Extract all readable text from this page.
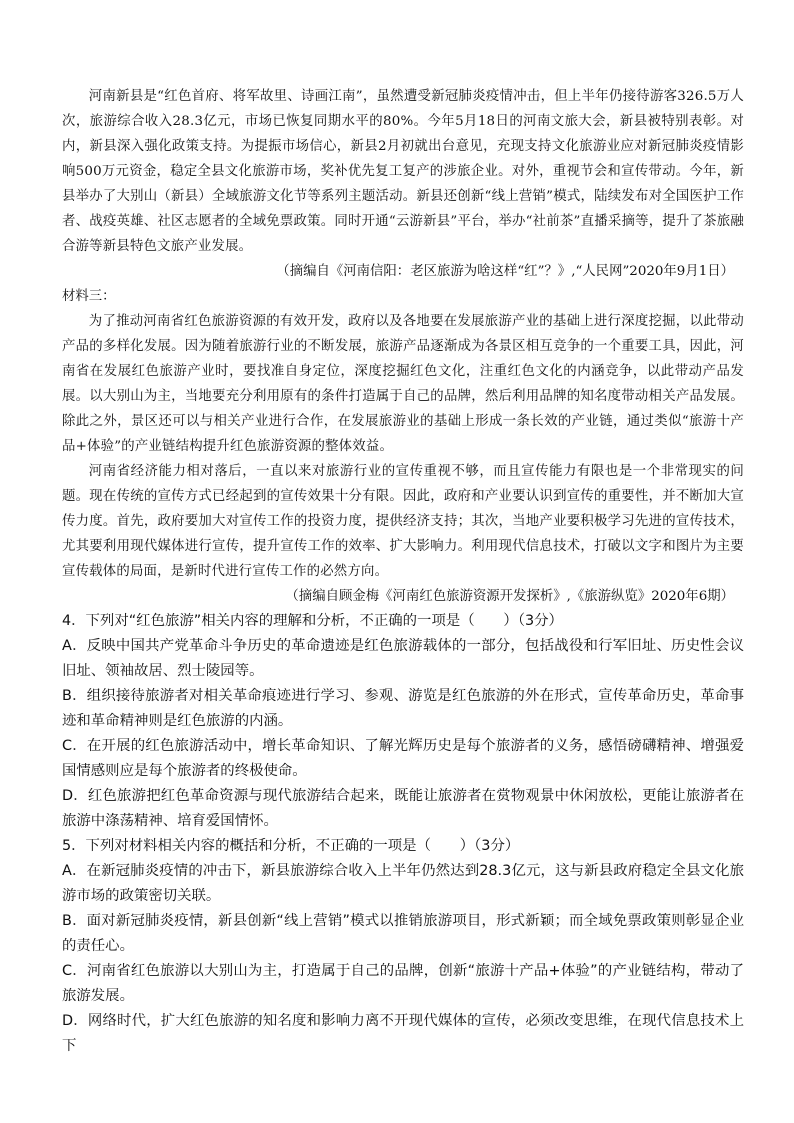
河南新县是“红色首府、将军故里、诗画江南”，虽然遭受新冠肺炎疫情冲击，但上半年仍接待游客326.5万人次，旅游综合收入28.3亿元，市场已恢复同期水平的80%。今年5月18日的河南文旅大会，新县被特别表彰。对内，新县深入强化政策支持。为提振市场信心，新县2月初就出台意见，充现支持文化旅游业应对新冠肺炎疫情影响500万元资金，稳定全县文化旅游市场，奖补优先复工复产的涉旅企业。对外，重视节会和宣传带动。今年，新县举办了大别山（新县）全域旅游文化节等系列主题活动。新县还创新“线上营销”模式，陆续发布对全国医护工作者、战疫英雄、社区志愿者的全域免票政策。同时开通“云游新县”平台，举办“社前茶”直播采摘等，提升了茶旅融合游等新县特色文旅产业发展。

（摘编自《河南信阳：老区旅游为啥这样“红”？》,“人民网”2020年9月1日）

材料三：

为了推动河南省红色旅游资源的有效开发，政府以及各地要在发展旅游产业的基础上进行深度挖掘，以此带动产品的多样化发展。因为随着旅游行业的不断发展，旅游产品逐渐成为各景区相互竞争的一个重要工具，因此，河南省在发展红色旅游产业时，要找准自身定位，深度挖掘红色文化，注重红色文化的内涵竞争，以此带动产品发展。以大别山为主，当地要充分利用原有的条件打造属于自己的品牌，然后利用品牌的知名度带动相关产品发展。除此之外，景区还可以与相关产业进行合作，在发展旅游业的基础上形成一条长效的产业链，通过类似“旅游十产品+体验”的产业链结构提升红色旅游资源的整体效益。

河南省经济能力相对落后，一直以来对旅游行业的宣传重视不够，而且宣传能力有限也是一个非常现实的问题。现在传统的宣传方式已经起到的宣传效果十分有限。因此，政府和产业要认识到宣传的重要性，并不断加大宣传力度。首先，政府要加大对宣传工作的投资力度，提供经济支持；其次，当地产业要积极学习先进的宣传技术，尤其要利用现代媒体进行宣传，提升宣传工作的效率、扩大影响力。利用现代信息技术，打破以文字和图片为主要宣传载体的局面，是新时代进行宣传工作的必然方向。

（摘编自顾金梅《河南红色旅游资源开发探析》,《旅游纵览》2020年6期）

4．下列对“红色旅游”相关内容的理解和分析，不正确的一项是（　　）（3分）

A．反映中国共产党革命斗争历史的革命遗迹是红色旅游载体的一部分，包括战役和行军旧址、历史性会议旧址、领袖故居、烈士陵园等。

B．组织接待旅游者对相关革命痕迹进行学习、参观、游览是红色旅游的外在形式，宣传革命历史，革命事迹和革命精神则是红色旅游的内涵。

C．在开展的红色旅游活动中，增长革命知识、了解光辉历史是每个旅游者的义务，感悟磅礴精神、增强爱国情感则应是每个旅游者的终极使命。

D．红色旅游把红色革命资源与现代旅游结合起来，既能让旅游者在赏物观景中休闲放松，更能让旅游者在旅游中涤荡精神、培育爱国情怀。

5．下列对材料相关内容的概括和分析，不正确的一项是（　　）（3分）

A．在新冠肺炎疫情的冲击下，新县旅游综合收入上半年仍然达到28.3亿元，这与新县政府稳定全县文化旅游市场的政策密切关联。

B．面对新冠肺炎疫情，新县创新“线上营销”模式以推销旅游项目，形式新颖；而全域免票政策则彰显企业的责任心。

C．河南省红色旅游以大别山为主，打造属于自己的品牌，创新“旅游十产品+体验”的产业链结构，带动了旅游发展。

D．网络时代，扩大红色旅游的知名度和影响力离不开现代媒体的宣传，必须改变思维，在现代信息技术上下
